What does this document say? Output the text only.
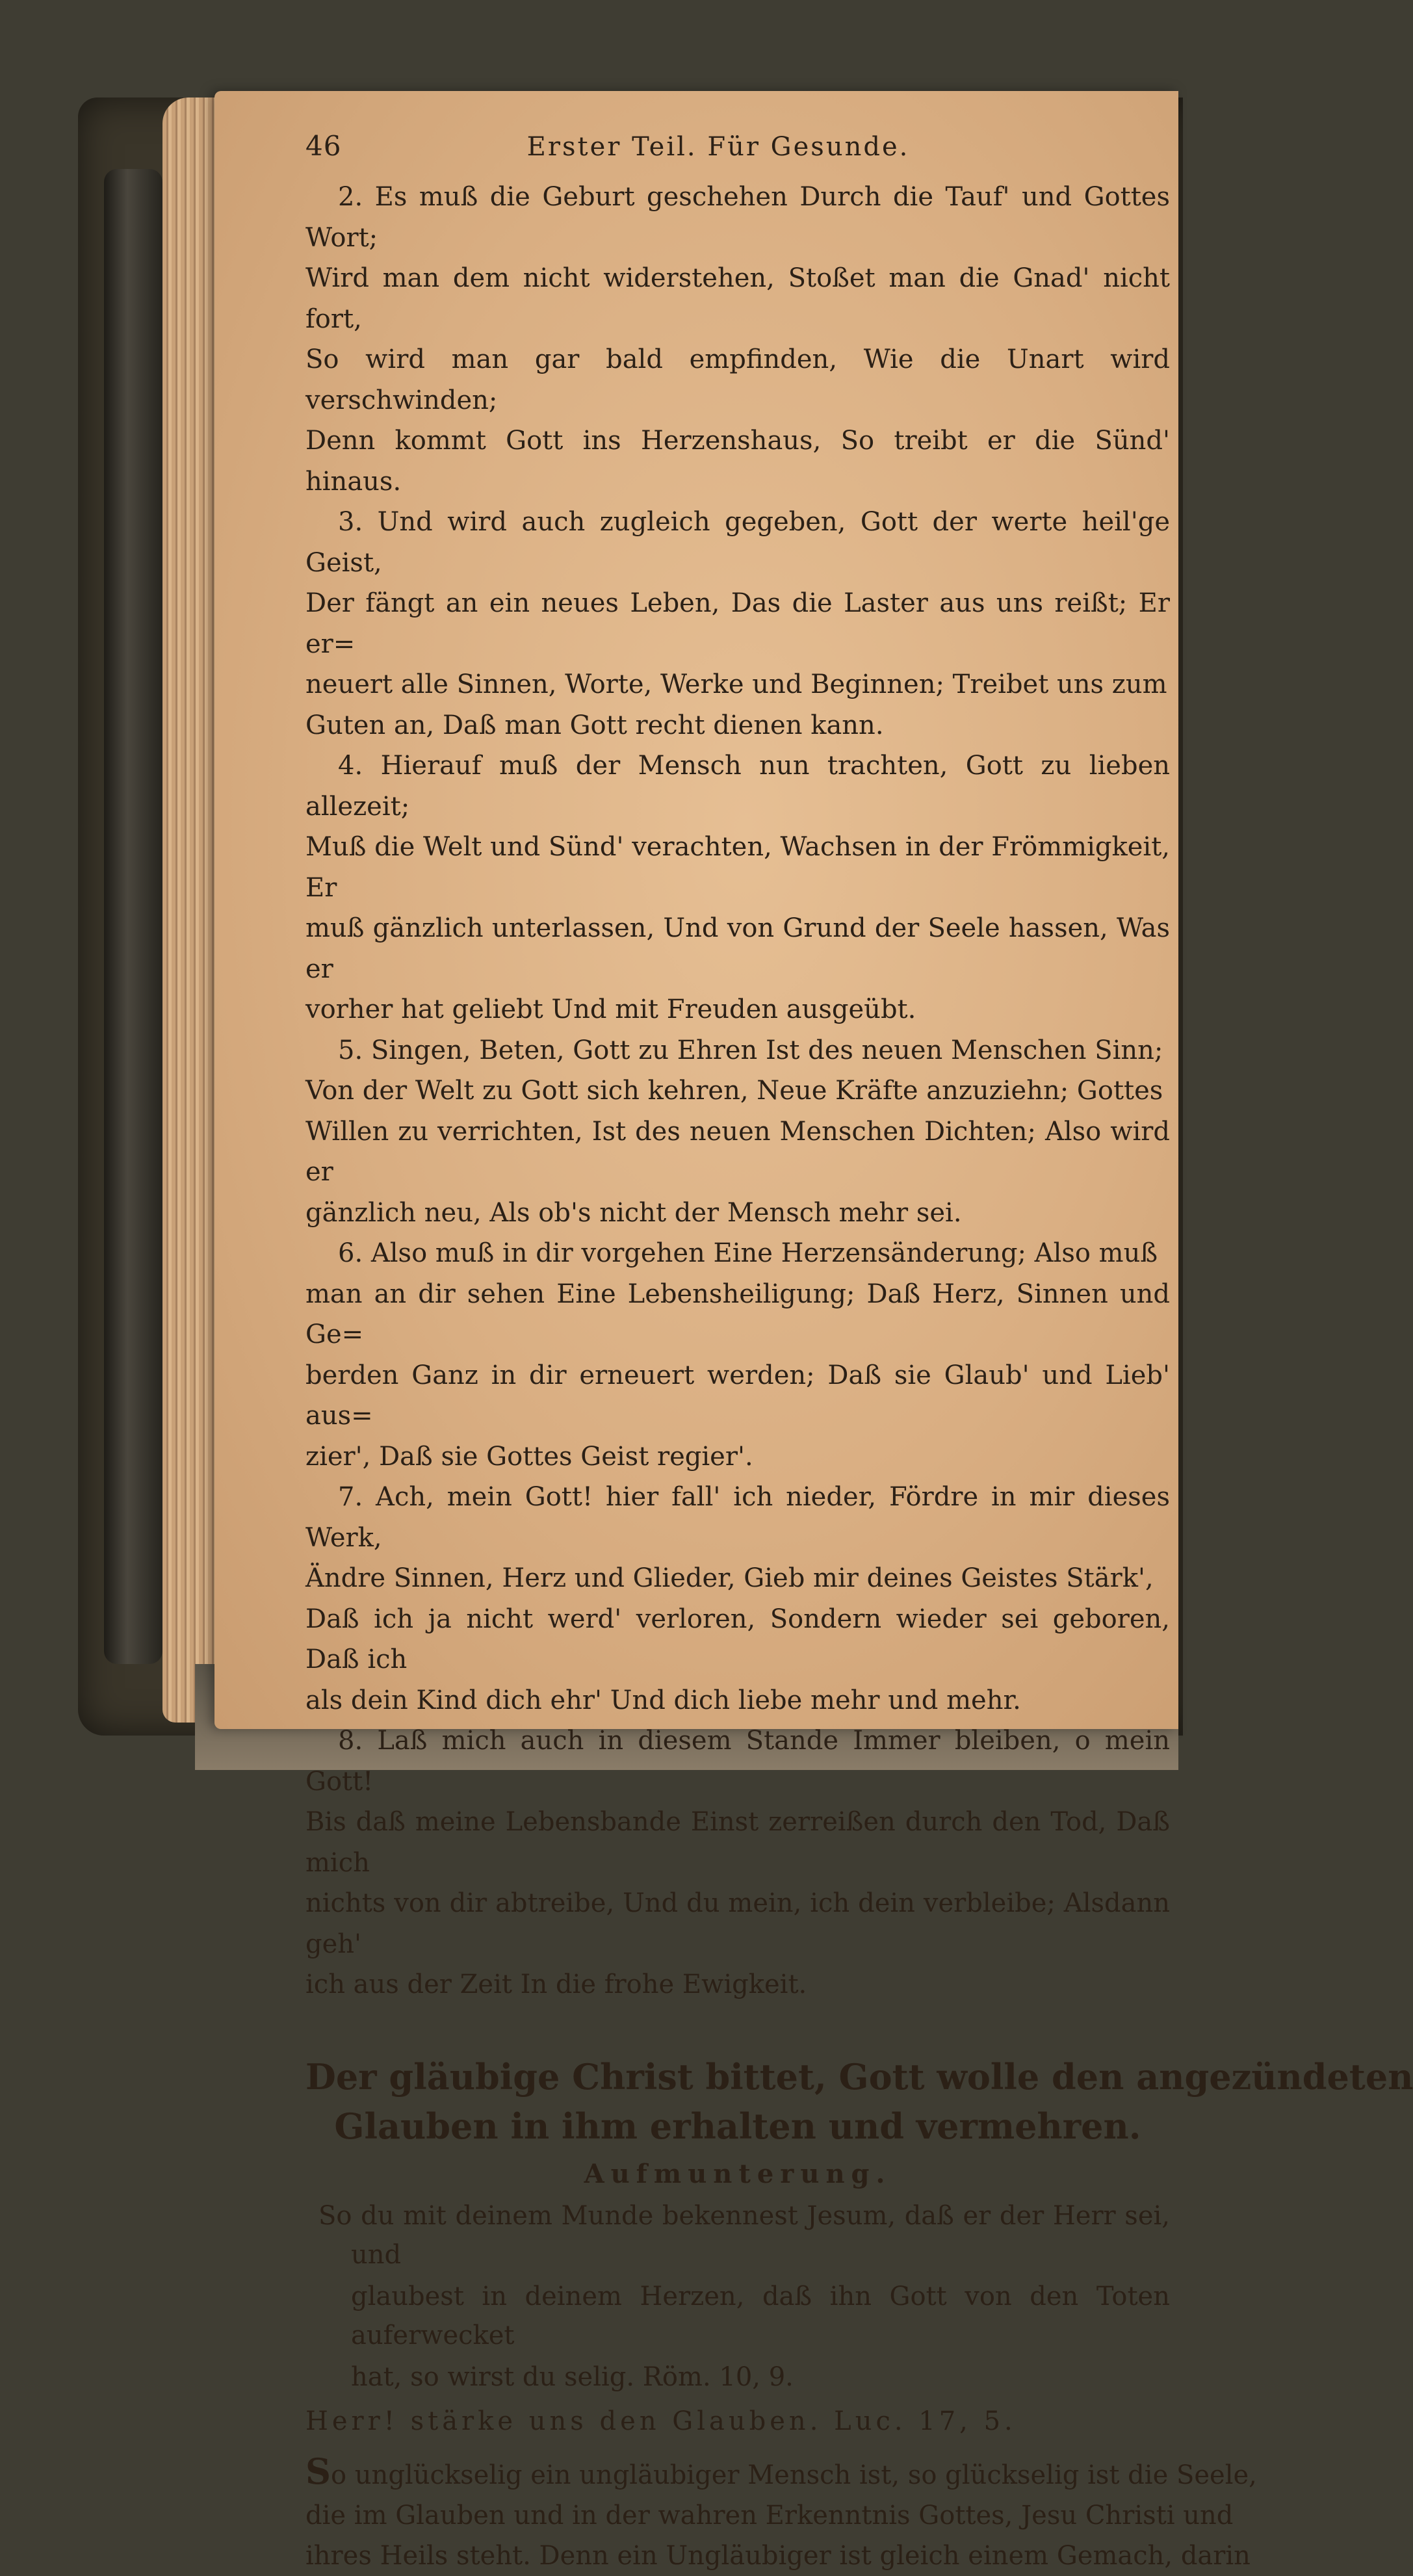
46	Erster Teil. Für Gesunde.

2. Es muß die Geburt geschehen Durch die Tauf' und Gottes Wort;

Wird man dem nicht widerstehen, Stoßet man die Gnad' nicht fort,

So wird man gar bald empfinden, Wie die Unart wird verschwinden;

Denn kommt Gott ins Herzenshaus, So treibt er die Sünd' hinaus.

3. Und wird auch zugleich gegeben, Gott der werte heil'ge Geist,

Der fängt an ein neues Leben, Das die Laster aus uns reißt; Er er=

neuert alle Sinnen, Worte, Werke und Beginnen; Treibet uns zum

Guten an, Daß man Gott recht dienen kann.

4. Hierauf muß der Mensch nun trachten, Gott zu lieben allezeit;

Muß die Welt und Sünd' verachten, Wachsen in der Frömmigkeit, Er

muß gänzlich unterlassen, Und von Grund der Seele hassen, Was er

vorher hat geliebt Und mit Freuden ausgeübt.

5. Singen, Beten, Gott zu Ehren Ist des neuen Menschen Sinn;

Von der Welt zu Gott sich kehren, Neue Kräfte anzuziehn; Gottes

Willen zu verrichten, Ist des neuen Menschen Dichten; Also wird er

gänzlich neu, Als ob's nicht der Mensch mehr sei.

6. Also muß in dir vorgehen Eine Herzensänderung; Also muß

man an dir sehen Eine Lebensheiligung; Daß Herz, Sinnen und Ge=

berden Ganz in dir erneuert werden; Daß sie Glaub' und Lieb' aus=

zier', Daß sie Gottes Geist regier'.

7. Ach, mein Gott! hier fall' ich nieder, Fördre in mir dieses Werk,

Ändre Sinnen, Herz und Glieder, Gieb mir deines Geistes Stärk',

Daß ich ja nicht werd' verloren, Sondern wieder sei geboren, Daß ich

als dein Kind dich ehr' Und dich liebe mehr und mehr.

8. Laß mich auch in diesem Stande Immer bleiben, o mein Gott!

Bis daß meine Lebensbande Einst zerreißen durch den Tod, Daß mich

nichts von dir abtreibe, Und du mein, ich dein verbleibe; Alsdann geh'

ich aus der Zeit In die frohe Ewigkeit.

Der gläubige Christ bittet, Gott wolle den angezündeten
Glauben in ihm erhalten und vermehren.
Aufmunterung.

So du mit deinem Munde bekennest Jesum, daß er der Herr sei, und

glaubest in deinem Herzen, daß ihn Gott von den Toten auferwecket

hat, so wirst du selig. Röm. 10, 9.

Herr! stärke uns den Glauben. Luc. 17, 5.

So unglückselig ein ungläubiger Mensch ist, so glückselig ist die Seele,

die im Glauben und in der wahren Erkenntnis Gottes, Jesu Christi und

ihres Heils steht. Denn ein Ungläubiger ist gleich einem Gemach, darin
